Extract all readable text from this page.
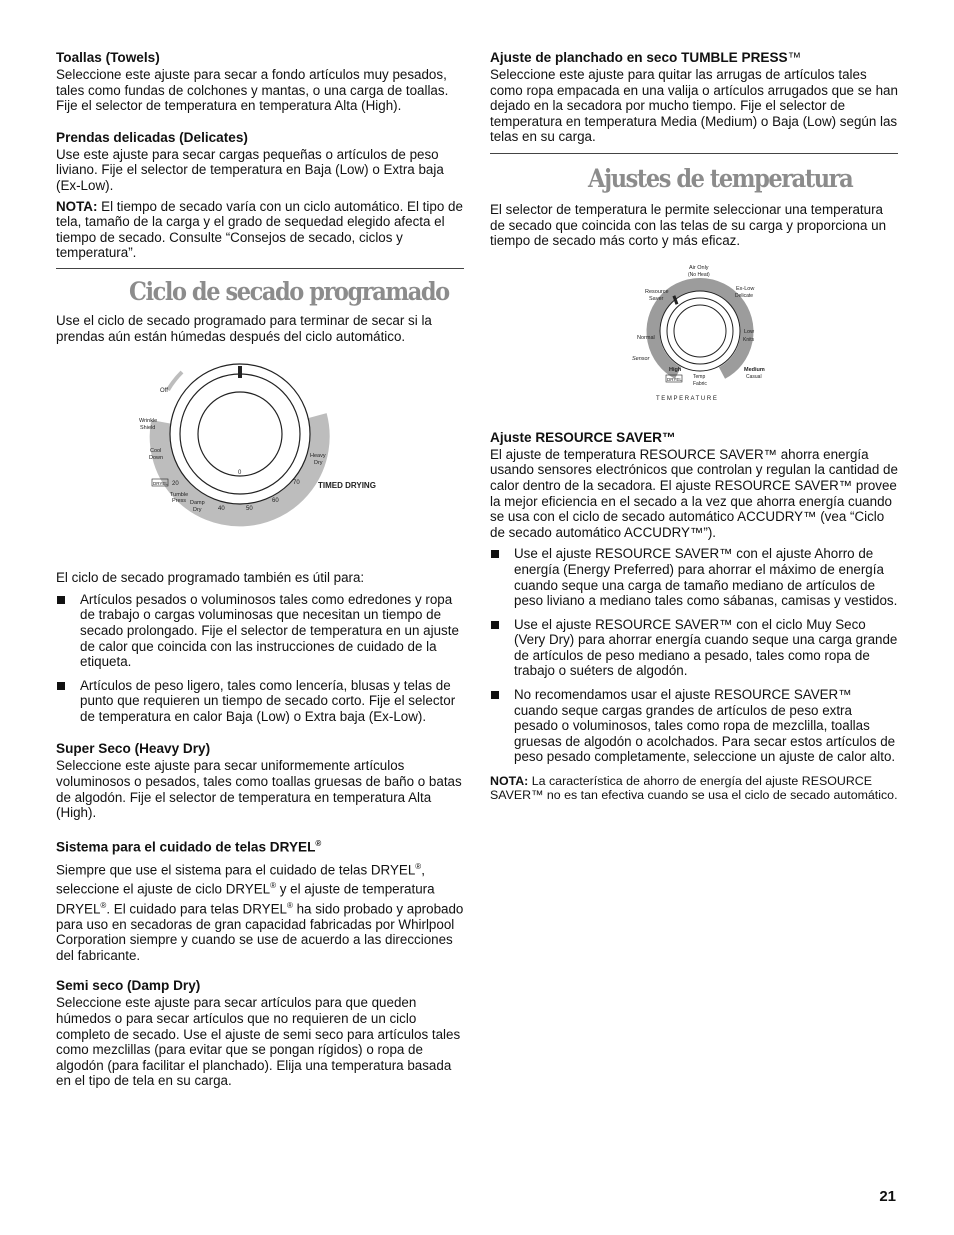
Toallas (Towels)

Seleccione este ajuste para secar a fondo artículos muy pesados, tales como fundas de colchones y mantas, o una carga de toallas. Fije el selector de temperatura en temperatura Alta (High).

Prendas delicadas (Delicates)

Use este ajuste para secar cargas pequeñas o artículos de peso liviano. Fije el selector de temperatura en Baja (Low) o Extra baja (Ex-Low).

NOTA: El tiempo de secado varía con un ciclo automático. El tipo de tela, tamaño de la carga y el grado de sequedad elegido afecta el tiempo de secado. Consulte “Consejos de secado, ciclos y temperatura”.

Ciclo de secado programado

Use el ciclo de secado programado para terminar de secar si la prendas aún están húmedas después del ciclo automático.

Off
Wrinkle
Shield
Cool
Down	Heavy
Dry
0
70
60
50
40
20
DRYEL
Tumble
Press Damp
Dry
TIMED DRYING

El ciclo de secado programado también es útil para:

Artículos pesados o voluminosos tales como edredones y ropa de trabajo o cargas voluminosas que necesitan un tiempo de secado prolongado. Fije el selector de temperatura en un ajuste de calor que coincida con las instrucciones de cuidado de la etiqueta.
Artículos de peso ligero, tales como lencería, blusas y telas de punto que requieren un tiempo de secado corto. Fije el selector de temperatura en calor Baja (Low) o Extra baja (Ex-Low).
Super Seco (Heavy Dry)

Seleccione este ajuste para secar uniformemente artículos voluminosos o pesados, tales como toallas gruesas de baño o batas de algodón. Fije el selector de temperatura en temperatura Alta (High).

Sistema para el cuidado de telas DRYEL®

Siempre que use el sistema para el cuidado de telas DRYEL®, seleccione el ajuste de ciclo DRYEL® y el ajuste de temperatura DRYEL®. El cuidado para telas DRYEL® ha sido probado y aprobado para uso en secadoras de gran capacidad fabricadas por Whirlpool Corporation siempre y cuando se use de acuerdo a las direcciones del fabricante.

Semi seco (Damp Dry)

Seleccione este ajuste para secar artículos para que queden húmedos o para secar artículos que no requieren de un ciclo completo de secado. Use el ajuste de semi seco para artículos tales como mezclillas (para evitar que se pongan rígidos) o ropa de algodón (para facilitar el planchado). Elija una temperatura basada en el tipo de tela en su carga.

Ajuste de planchado en seco TUMBLE PRESS™

Seleccione este ajuste para quitar las arrugas de artículos tales como ropa empacada en una valija o artículos arrugados que se han dejado en la secadora por mucho tiempo. Fije el selector de temperatura en temperatura Media (Medium) o Baja (Low) según las telas en su carga.

Ajustes de temperatura

El selector de temperatura le permite seleccionar una temperatura de secado que coincida con las telas de su carga y proporciona un tiempo de secado más corto y más eficaz.

Air Only
(No Heat)
Ex-Low
Delicate
Resource
Saver
Low
Knits
Normal
Sensor
High	Medium
Casual
DRYEL Temp
Fabric
T E M P E R A T U R E
Ajuste RESOURCE SAVER™

El ajuste de temperatura RESOURCE SAVER™ ahorra energía usando sensores electrónicos que controlan y regulan la cantidad de calor dentro de la secadora. El ajuste RESOURCE SAVER™ provee la mejor eficiencia en el secado a la vez que ahorra energía cuando se usa con el ciclo de secado automático ACCUDRY™ (vea “Ciclo de secado automático ACCUDRY™”).

Use el ajuste RESOURCE SAVER™ con el ajuste Ahorro de energía (Energy Preferred) para ahorrar el máximo de energía cuando seque una carga de tamaño mediano de artículos de peso liviano a mediano tales como sábanas, camisas y vestidos.
Use el ajuste RESOURCE SAVER™ con el ciclo Muy Seco (Very Dry) para ahorrar energía cuando seque una carga grande de artículos de peso mediano a pesado, tales como ropa de trabajo o suéters de algodón.
No recomendamos usar el ajuste RESOURCE SAVER™ cuando seque cargas grandes de artículos de peso extra pesado o voluminosos, tales como ropa de mezclilla, toallas gruesas de algodón o acolchados. Para secar estos artículos de peso pesado completamente, seleccione un ajuste de calor alto.

NOTA: La característica de ahorro de energía del ajuste RESOURCE SAVER™ no es tan efectiva cuando se usa el ciclo de secado automático.

21
